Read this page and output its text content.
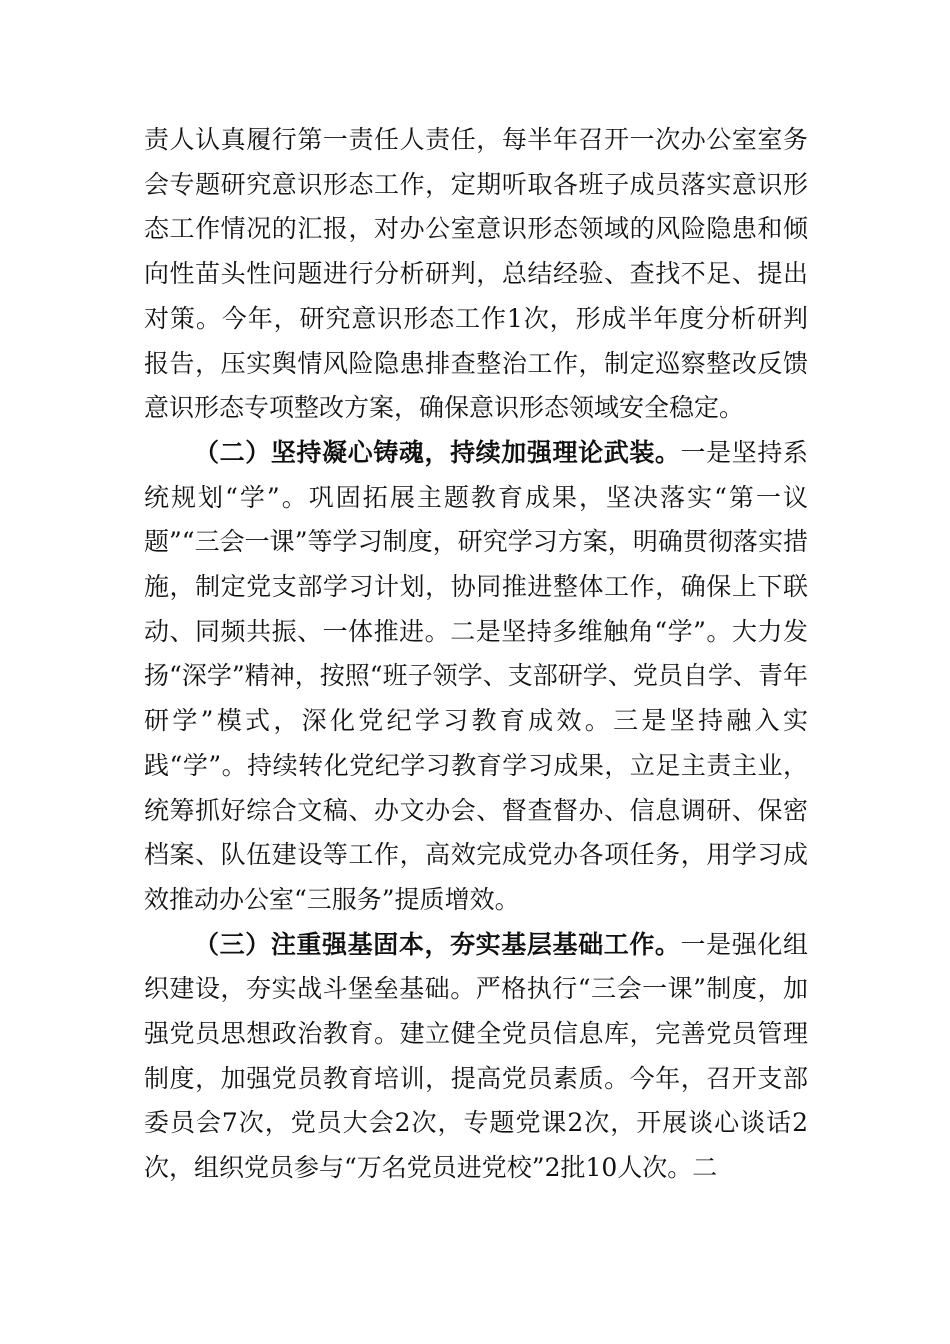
责人认真履行第一责任人责任，每半年召开一次办公室室务会专题研究意识形态工作，定期听取各班子成员落实意识形态工作情况的汇报，对办公室意识形态领域的风险隐患和倾向性苗头性问题进行分析研判，总结经验、查找不足、提出对策。今年，研究意识形态工作1次，形成半年度分析研判报告，压实舆情风险隐患排查整治工作，制定巡察整改反馈意识形态专项整改方案，确保意识形态领域安全稳定。

（二）坚持凝心铸魂，持续加强理论武装。一是坚持系统规划“学”。巩固拓展主题教育成果，坚决落实“第一议题”“三会一课”等学习制度，研究学习方案，明确贯彻落实措施，制定党支部学习计划，协同推进整体工作，确保上下联动、同频共振、一体推进。二是坚持多维触角“学”。大力发扬“深学”精神，按照“班子领学、支部研学、党员自学、青年研学”模式，深化党纪学习教育成效。三是坚持融入实践“学”。持续转化党纪学习教育学习成果，立足主责主业，统筹抓好综合文稿、办文办会、督查督办、信息调研、保密档案、队伍建设等工作，高效完成党办各项任务，用学习成效推动办公室“三服务”提质增效。

（三）注重强基固本，夯实基层基础工作。一是强化组织建设，夯实战斗堡垒基础。严格执行“三会一课”制度，加强党员思想政治教育。建立健全党员信息库，完善党员管理制度，加强党员教育培训，提高党员素质。今年，召开支部委员会7次，党员大会2次，专题党课2次，开展谈心谈话2次，组织党员参与“万名党员进党校”2批10人次。二
